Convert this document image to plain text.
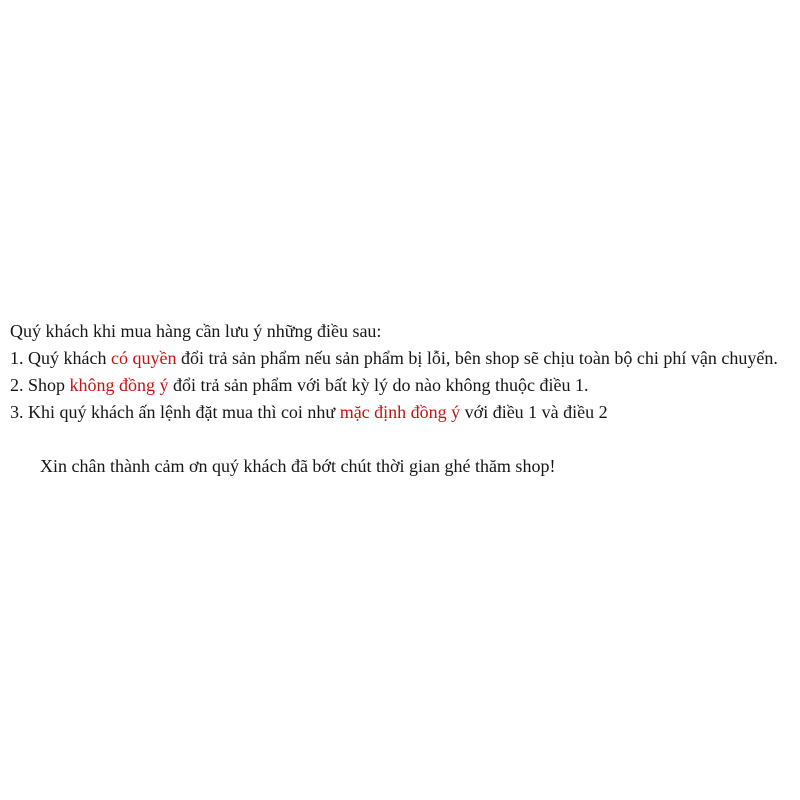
Quý khách khi mua hàng cần lưu ý những điều sau:

1. Quý khách có quyền đổi trả sản phẩm nếu sản phẩm bị lỗi, bên shop sẽ chịu toàn bộ chi phí vận chuyển.

2. Shop không đồng ý đổi trả sản phẩm với bất kỳ lý do nào không thuộc điều 1.

3. Khi quý khách ấn lệnh đặt mua thì coi như mặc định đồng ý với điều 1 và điều 2

Xin chân thành cảm ơn quý khách đã bớt chút thời gian ghé thăm shop!
